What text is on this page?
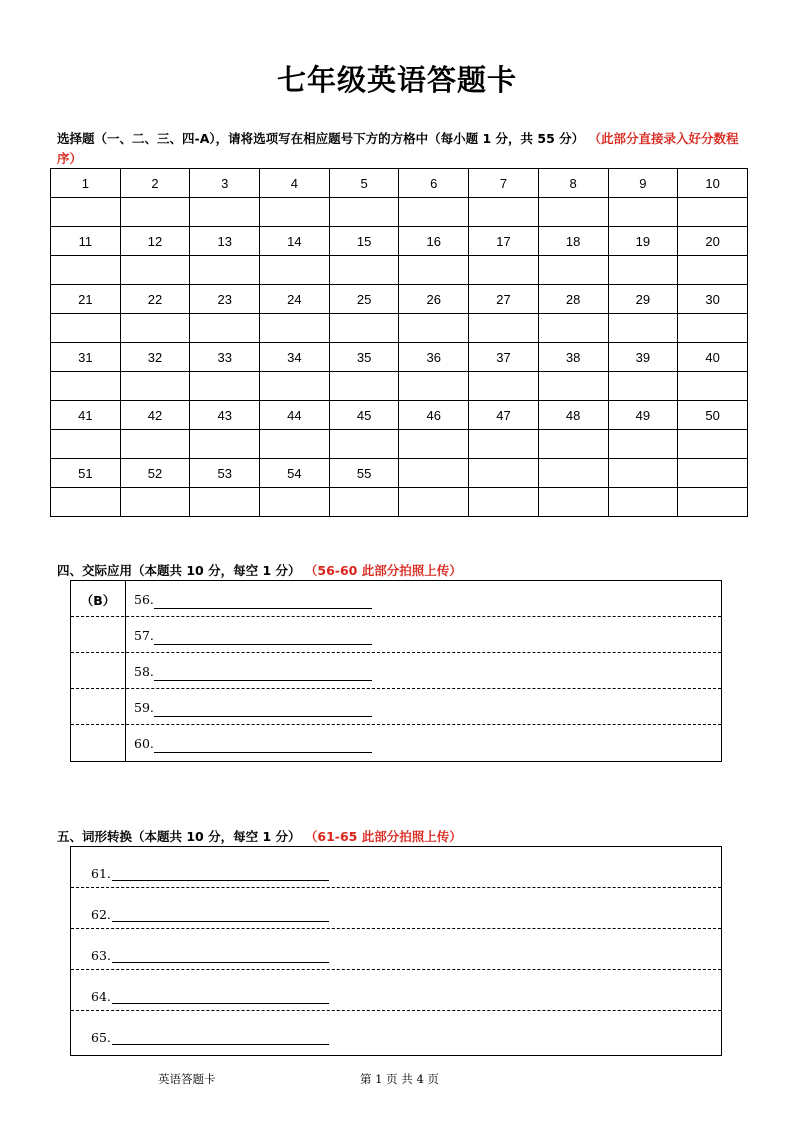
七年级英语答题卡
选择题（一、二、三、四-A），请将选项写在相应题号下方的方格中（每小题 1 分，共 55 分） （此部分直接录入好分数程序）
1	2	3	4	5	6	7	8	9	10

11	12	13	14	15	16	17	18	19	20

21	22	23	24	25	26	27	28	29	30

31	32	33	34	35	36	37	38	39	40

41	42	43	44	45	46	47	48	49	50

51	52	53	54	55					

四、交际应用（本题共 10 分，每空 1 分） （56-60 此部分拍照上传）
（B）	56.
57.
58.
59.
60.
五、词形转换（本题共 10 分，每空 1 分） （61-65 此部分拍照上传）
61.
62.
63.
64.
65.
英语答题卡	第 1 页 共 4 页
